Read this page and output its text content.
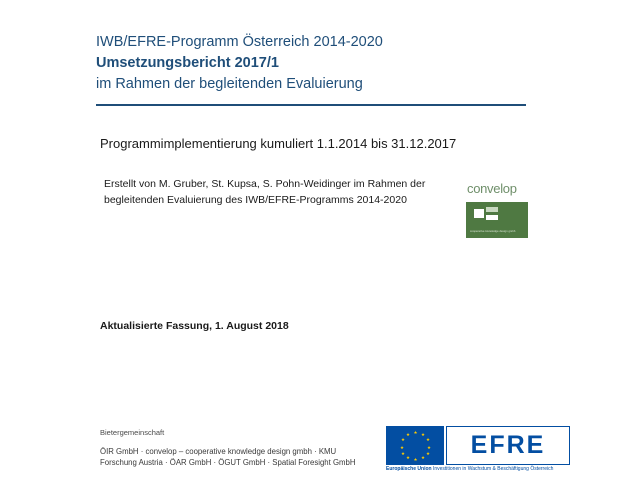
IWB/EFRE-Programm Österreich 2014-2020
Umsetzungsbericht 2017/1
im Rahmen der begleitenden Evaluierung
Programmimplementierung kumuliert 1.1.2014 bis 31.12.2017
Erstellt von M. Gruber, St. Kupsa, S. Pohn-Weidinger im Rahmen der begleitenden Evaluierung des IWB/EFRE-Programms 2014-2020
convelop
cooperative knowledge design gmbh
Aktualisierte Fassung, 1. August 2018
Bietergemeinschaft
ÖIR GmbH · convelop – cooperative knowledge design gmbh · KMU
Forschung Austria · ÖAR GmbH · ÖGUT GmbH · Spatial Foresight GmbH
★ ★
★
★
★
★
★
★
★
★
★
★	EFRE
Europäische Union Investitionen in Wachstum & Beschäftigung Österreich
